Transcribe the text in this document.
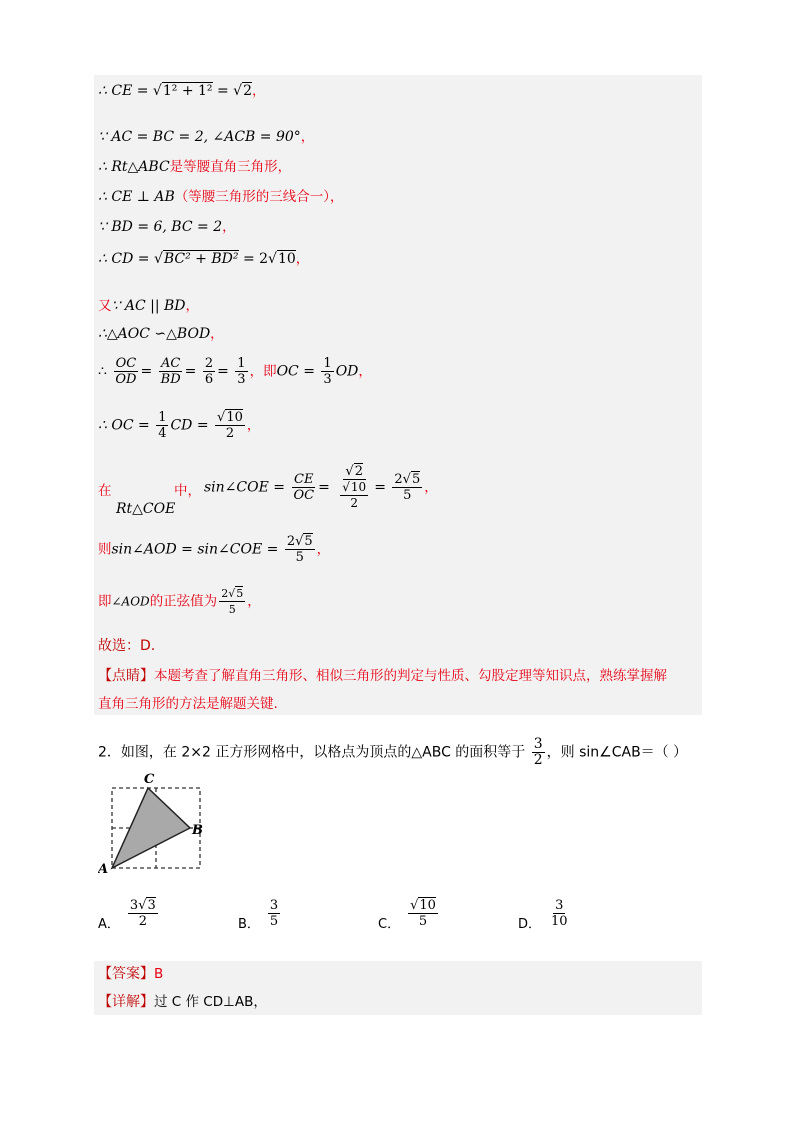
∴ CE = √1² + 1² = √2，
∵ AC = BC = 2, ∠ACB = 90°，
∴ Rt△ABC是等腰直角三角形，
∴ CE ⊥ AB（等腰三角形的三线合一），
∵ BD = 6, BC = 2，
∴ CD = √BC² + BD² = 2√10，
又∵ AC || BD，
∴△AOC ∽△BOD，
∴ $\frac{OC}{OD} = \frac{AC}{BD} = \frac{2}{6} = \frac{1}{3}$ ，即OC = $\frac{1}{3}$ OD，
∴ OC = $\frac{1}{4}$ CD = $\frac{√10}{2}$ ，
在
Rt△COE
中， sin∠COE = $\frac{CE}{OC} = \frac{√2}{\frac{√10}{2}} = \frac{2√5}{5}$ ，
则sin∠AOD = sin∠COE = $\frac{2√5}{5}$ ，
即∠AOD的正弦值为 $\frac{2√5}{5}$ ，
故选：D.
【点睛】本题考查了解直角三角形、相似三角形的判定与性质、勾股定理等知识点，熟练掌握解
直角三角形的方法是解题关键.
2．如图，在 2×2 正方形网格中，以格点为顶点的△ABC 的面积等于 $\frac{3}{2}$ ，则 sin∠CAB＝（ ）
C
B
A
A． $\frac{3√3}{2}$	B． $\frac{3}{5}$	C． $\frac{√10}{5}$	D． $\frac{3}{10}$
【答案】B
【详解】过 C 作 CD⊥AB，
